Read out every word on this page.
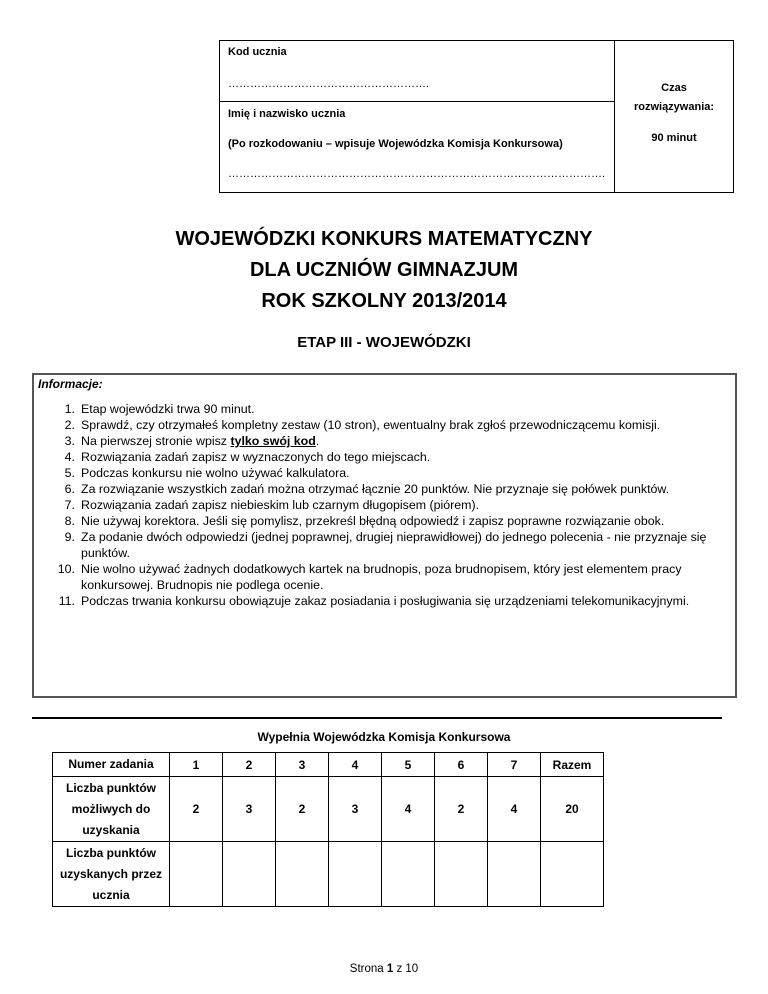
Kod ucznia
……………………………………………….
Imię i nazwisko ucznia
(Po rozkodowaniu – wpisuje Wojewódzka Komisja Konkursowa)
………………………………………………………………………………………….
Czas
rozwiązywania:
90 minut
WOJEWÓDZKI KONKURS MATEMATYCZNY
DLA UCZNIÓW GIMNAZJUM
ROK SZKOLNY 2013/2014
ETAP III - WOJEWÓDZKI
Informacje:
1. Etap wojewódzki trwa 90 minut.
2. Sprawdź, czy otrzymałeś kompletny zestaw (10 stron), ewentualny brak zgłoś przewodniczącemu komisji.
3. Na pierwszej stronie wpisz tylko swój kod.
4. Rozwiązania zadań zapisz w wyznaczonych do tego miejscach.
5. Podczas konkursu nie wolno używać kalkulatora.
6. Za rozwiązanie wszystkich zadań można otrzymać łącznie 20 punktów. Nie przyznaje się połówek punktów.
7. Rozwiązania zadań zapisz niebieskim lub czarnym długopisem (piórem).
8. Nie używaj korektora. Jeśli się pomylisz, przekreśl błędną odpowiedź i zapisz poprawne rozwiązanie obok.
9. Za podanie dwóch odpowiedzi (jednej poprawnej, drugiej nieprawidłowej) do jednego polecenia - nie przyznaje się punktów.
10. Nie wolno używać żadnych dodatkowych kartek na brudnopis, poza brudnopisem, który jest elementem pracy konkursowej. Brudnopis nie podlega ocenie.
11. Podczas trwania konkursu obowiązuje zakaz posiadania i posługiwania się urządzeniami telekomunikacyjnymi.
Wypełnia Wojewódzka Komisja Konkursowa
Numer zadania	1	2	3	4	5	6	7	Razem
Liczba punktów możliwych do uzyskania	2	3	2	3	4	2	4	20
Liczba punktów uzyskanych przez ucznia								
Strona 1 z 10
